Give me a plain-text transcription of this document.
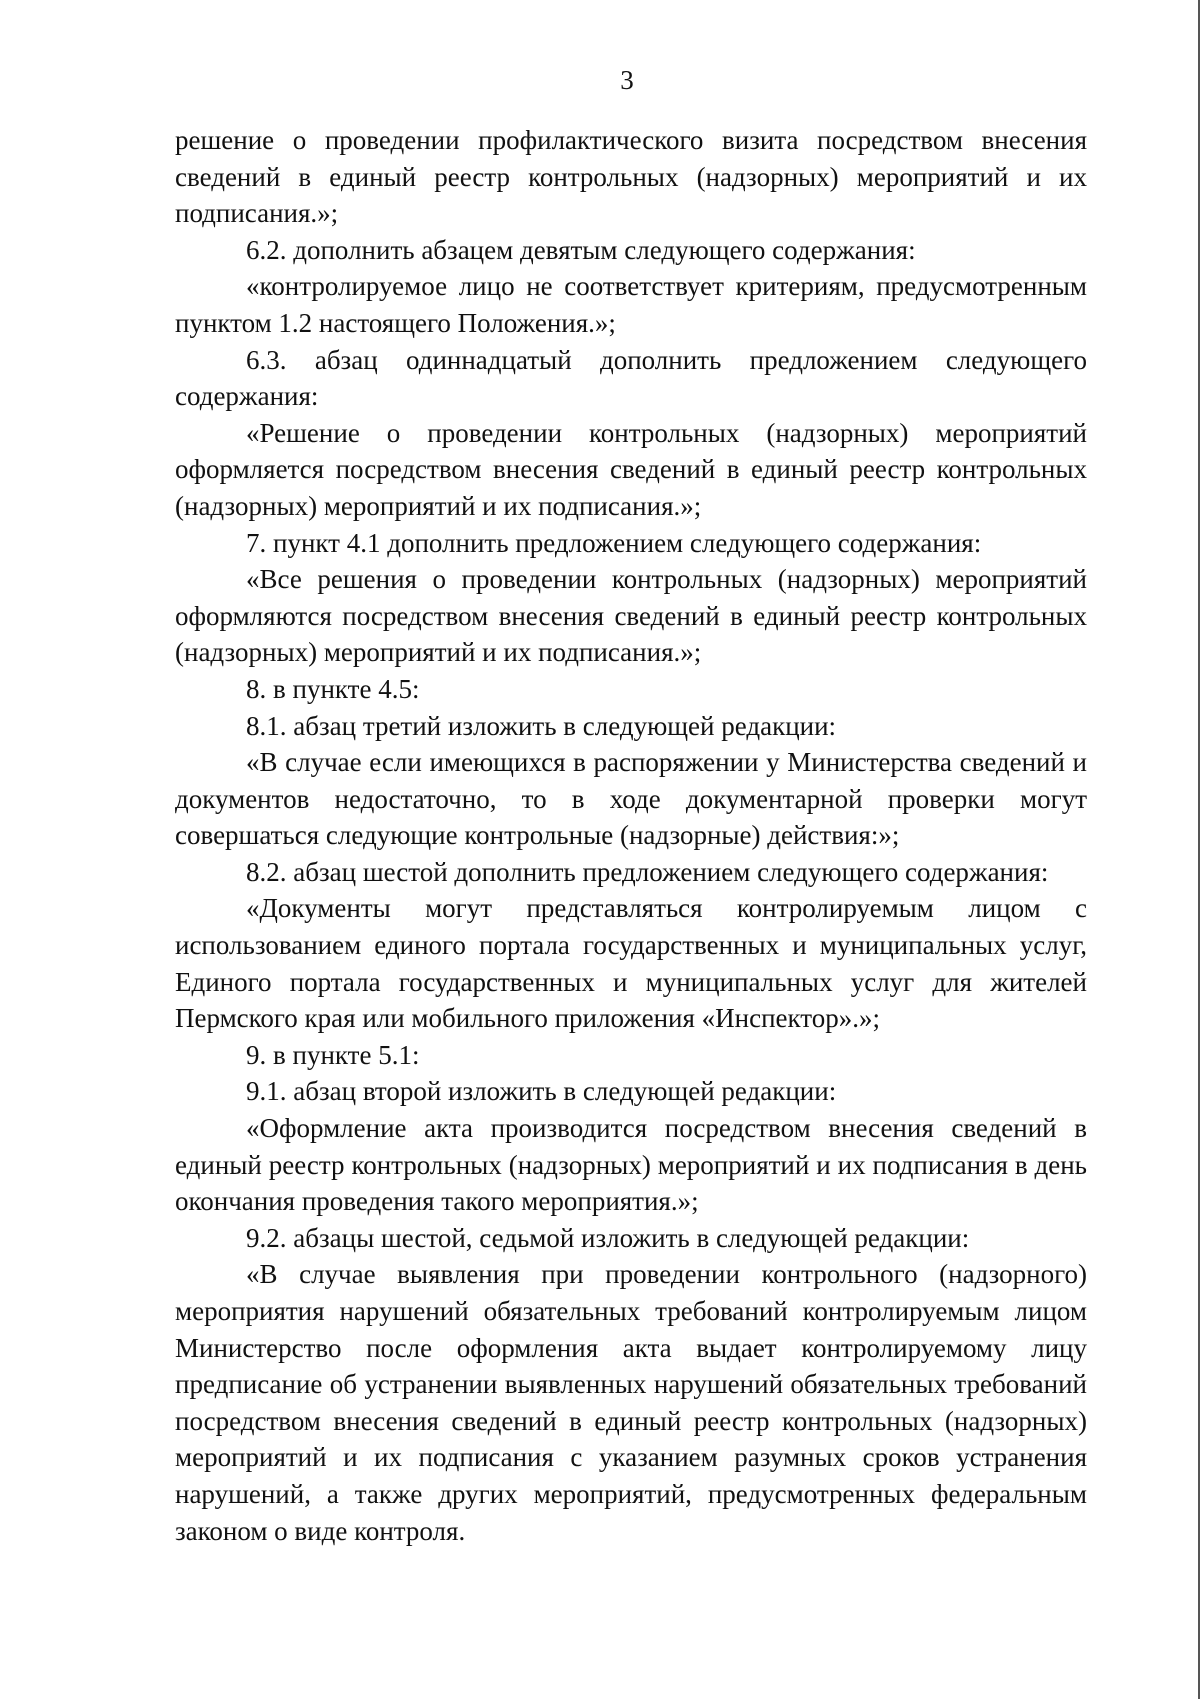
3

решение о проведении профилактического визита посредством внесения сведений в единый реестр контрольных (надзорных) мероприятий и их подписания.»;

6.2. дополнить абзацем девятым следующего содержания:

«контролируемое лицо не соответствует критериям, предусмотренным пунктом 1.2 настоящего Положения.»;

6.3. абзац одиннадцатый дополнить предложением следующего содержания:

«Решение о проведении контрольных (надзорных) мероприятий оформляется посредством внесения сведений в единый реестр контрольных (надзорных) мероприятий и их подписания.»;

7. пункт 4.1 дополнить предложением следующего содержания:

«Все решения о проведении контрольных (надзорных) мероприятий оформляются посредством внесения сведений в единый реестр контрольных (надзорных) мероприятий и их подписания.»;

8. в пункте 4.5:

8.1. абзац третий изложить в следующей редакции:

«В случае если имеющихся в распоряжении у Министерства сведений и документов недостаточно, то в ходе документарной проверки могут совершаться следующие контрольные (надзорные) действия:»;

8.2. абзац шестой дополнить предложением следующего содержания:

«Документы могут представляться контролируемым лицом с использованием единого портала государственных и муниципальных услуг, Единого портала государственных и муниципальных услуг для жителей Пермского края или мобильного приложения «Инспектор».»;

9. в пункте 5.1:

9.1. абзац второй изложить в следующей редакции:

«Оформление акта производится посредством внесения сведений в единый реестр контрольных (надзорных) мероприятий и их подписания в день окончания проведения такого мероприятия.»;

9.2. абзацы шестой, седьмой изложить в следующей редакции:

«В случае выявления при проведении контрольного (надзорного) мероприятия нарушений обязательных требований контролируемым лицом Министерство после оформления акта выдает контролируемому лицу предписание об устранении выявленных нарушений обязательных требований посредством внесения сведений в единый реестр контрольных (надзорных) мероприятий и их подписания с указанием разумных сроков устранения нарушений, а также других мероприятий, предусмотренных федеральным законом о виде контроля.
